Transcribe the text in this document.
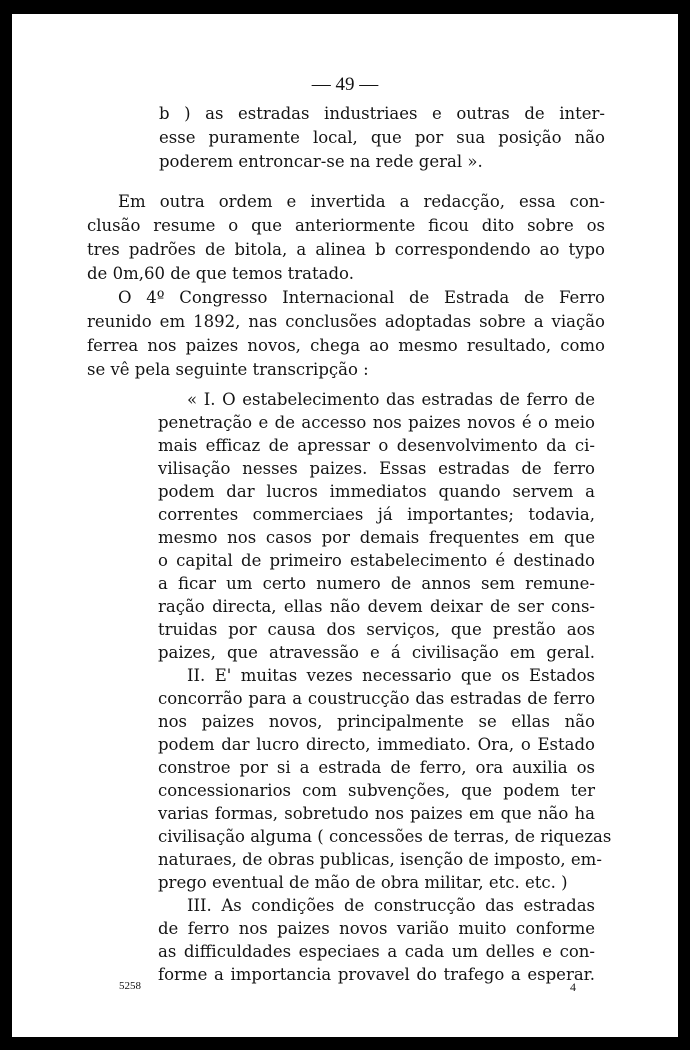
— 49 —
b ) as estradas industriaes e outras de inter-
esse puramente local, que por sua posição não
poderem entroncar-se na rede geral ».
Em outra ordem e invertida a redacção, essa con-
clusão resume o que anteriormente ficou dito sobre os
tres padrões de bitola, a alinea b correspondendo ao typo
de 0m,60 de que temos tratado.
O 4º Congresso Internacional de Estrada de Ferro
reunido em 1892, nas conclusões adoptadas sobre a viação
ferrea nos paizes novos, chega ao mesmo resultado, como
se vê pela seguinte transcripção :
« I. O estabelecimento das estradas de ferro de
penetração e de accesso nos paizes novos é o meio
mais efficaz de apressar o desenvolvimento da ci-
vilisação nesses paizes. Essas estradas de ferro
podem dar lucros immediatos quando servem a
correntes commerciaes já importantes; todavia,
mesmo nos casos por demais frequentes em que
o capital de primeiro estabelecimento é destinado
a ficar um certo numero de annos sem remune-
ração directa, ellas não devem deixar de ser cons-
truidas por causa dos serviços, que prestão aos
paizes, que atravessão e á civilisação em geral.
II. E' muitas vezes necessario que os Estados
concorrão para a coustrucção das estradas de ferro
nos paizes novos, principalmente se ellas não
podem dar lucro directo, immediato. Ora, o Estado
constroe por si a estrada de ferro, ora auxilia os
concessionarios com subvenções, que podem ter
varias formas, sobretudo nos paizes em que não ha
civilisação alguma ( concessões de terras, de riquezas
naturaes, de obras publicas, isenção de imposto, em-
prego eventual de mão de obra militar, etc. etc. )
III. As condições de construcção das estradas
de ferro nos paizes novos varião muito conforme
as difficuldades especiaes a cada um delles e con-
forme a importancia provavel do trafego a esperar.
5258	4
